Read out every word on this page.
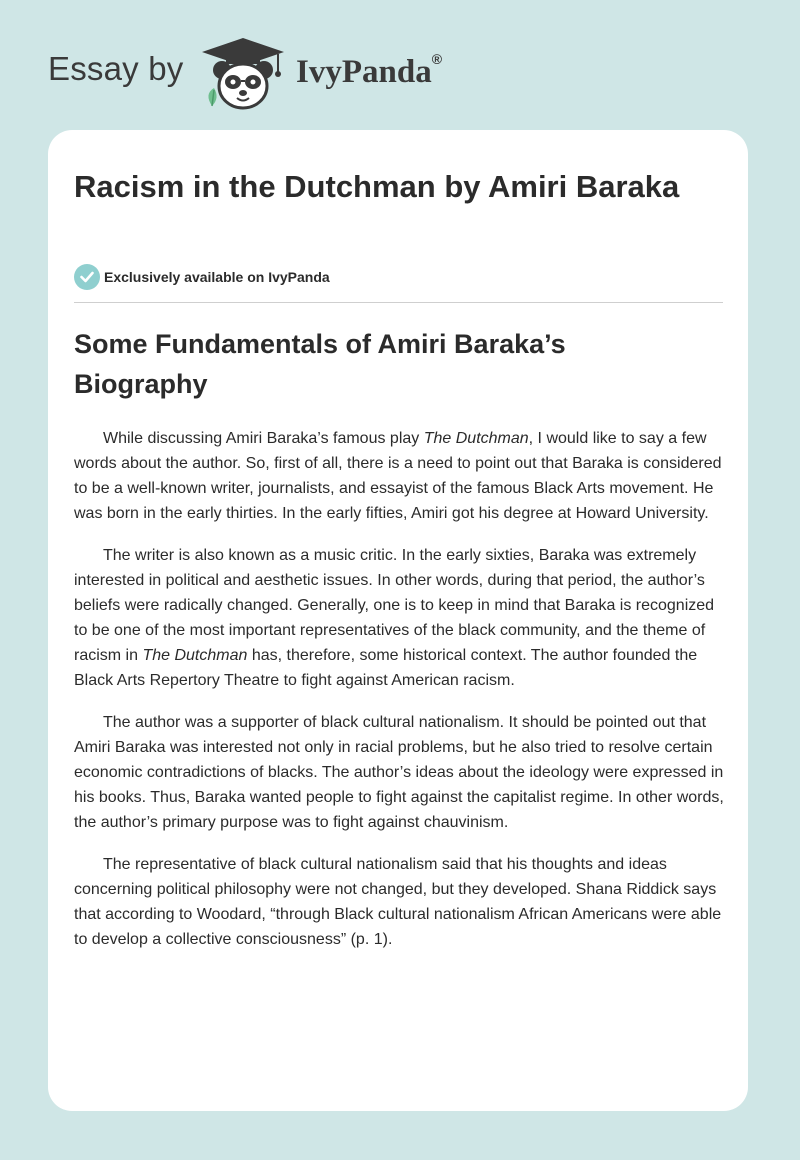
Essay by	IvyPanda®
Racism in the Dutchman by Amiri Baraka
Exclusively available on IvyPanda
Some Fundamentals of Amiri Baraka’s Biography

While discussing Amiri Baraka’s famous play The Dutchman, I would like to say a few words about the author. So, first of all, there is a need to point out that Baraka is considered to be a well-known writer, journalists, and essayist of the famous Black Arts movement. He was born in the early thirties. In the early fifties, Amiri got his degree at Howard University.

The writer is also known as a music critic. In the early sixties, Baraka was extremely interested in political and aesthetic issues. In other words, during that period, the author’s beliefs were radically changed. Generally, one is to keep in mind that Baraka is recognized to be one of the most important representatives of the black community, and the theme of racism in The Dutchman has, therefore, some historical context. The author founded the Black Arts Repertory Theatre to fight against American racism.

The author was a supporter of black cultural nationalism. It should be pointed out that Amiri Baraka was interested not only in racial problems, but he also tried to resolve certain economic contradictions of blacks. The author’s ideas about the ideology were expressed in his books. Thus, Baraka wanted people to fight against the capitalist regime. In other words, the author’s primary purpose was to fight against chauvinism.

The representative of black cultural nationalism said that his thoughts and ideas concerning political philosophy were not changed, but they developed. Shana Riddick says that according to Woodard, “through Black cultural nationalism African Americans were able to develop a collective consciousness” (p. 1).
